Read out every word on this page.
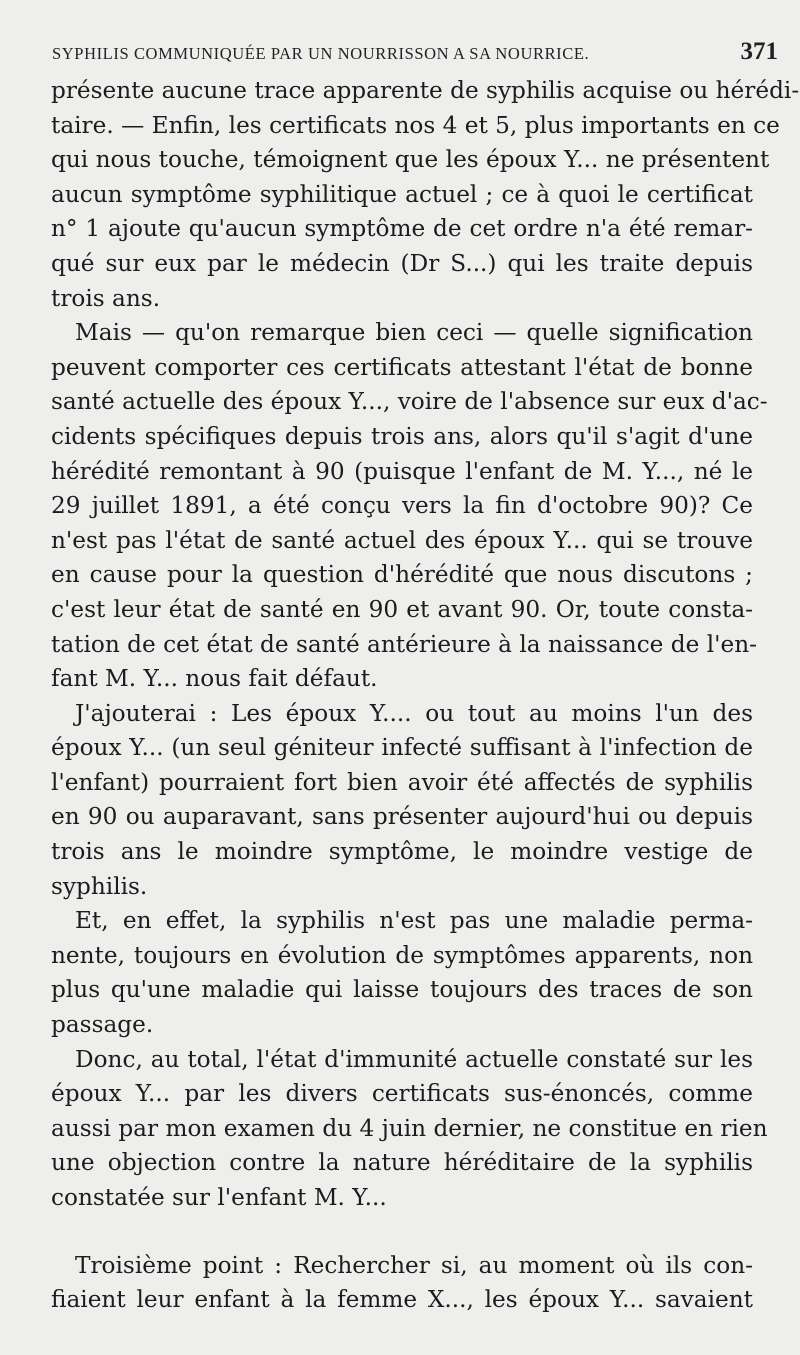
SYPHILIS COMMUNIQUÉE PAR UN NOURRISSON A SA NOURRICE.	371
présente aucune trace apparente de syphilis acquise ou hérédi-
taire. — Enfin, les certificats nos 4 et 5, plus importants en ce
qui nous touche, témoignent que les époux Y... ne présentent
aucun symptôme syphilitique actuel ; ce à quoi le certificat
n° 1 ajoute qu'aucun symptôme de cet ordre n'a été remar-
qué sur eux par le médecin (Dr S...) qui les traite depuis
trois ans.
Mais — qu'on remarque bien ceci — quelle signification
peuvent comporter ces certificats attestant l'état de bonne
santé actuelle des époux Y..., voire de l'absence sur eux d'ac-
cidents spécifiques depuis trois ans, alors qu'il s'agit d'une
hérédité remontant à 90 (puisque l'enfant de M. Y..., né le
29 juillet 1891, a été conçu vers la fin d'octobre 90)? Ce
n'est pas l'état de santé actuel des époux Y... qui se trouve
en cause pour la question d'hérédité que nous discutons ;
c'est leur état de santé en 90 et avant 90. Or, toute consta-
tation de cet état de santé antérieure à la naissance de l'en-
fant M. Y... nous fait défaut.
J'ajouterai : Les époux Y.... ou tout au moins l'un des
époux Y... (un seul géniteur infecté suffisant à l'infection de
l'enfant) pourraient fort bien avoir été affectés de syphilis
en 90 ou auparavant, sans présenter aujourd'hui ou depuis
trois ans le moindre symptôme, le moindre vestige de
syphilis.
Et, en effet, la syphilis n'est pas une maladie perma-
nente, toujours en évolution de symptômes apparents, non
plus qu'une maladie qui laisse toujours des traces de son
passage.
Donc, au total, l'état d'immunité actuelle constaté sur les
époux Y... par les divers certificats sus-énoncés, comme
aussi par mon examen du 4 juin dernier, ne constitue en rien
une objection contre la nature héréditaire de la syphilis
constatée sur l'enfant M. Y...
Troisième point : Rechercher si, au moment où ils con-
fiaient leur enfant à la femme X..., les époux Y... savaient
